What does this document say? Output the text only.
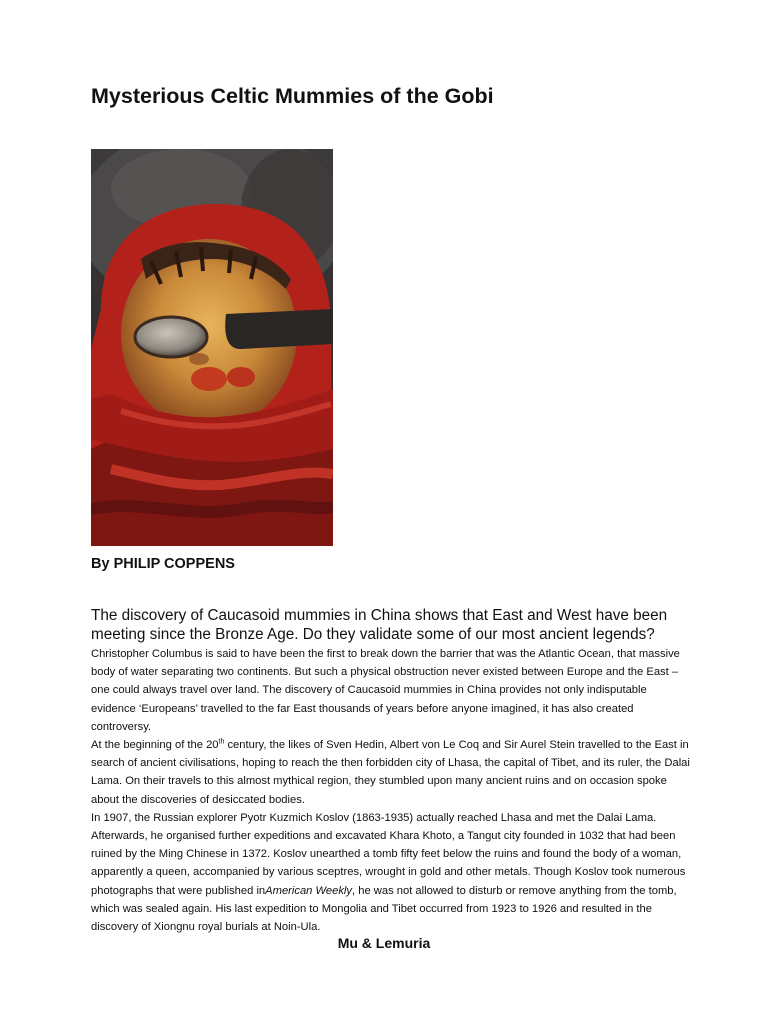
Mysterious Celtic Mummies of the Gobi
By PHILIP COPPENS

The discovery of Caucasoid mummies in China shows that East and West have been meeting since the Bronze Age. Do they validate some of our most ancient legends?

Christopher Columbus is said to have been the first to break down the barrier that was the Atlantic Ocean, that massive body of water separating two continents. But such a physical obstruction never existed between Europe and the East – one could always travel over land. The discovery of Caucasoid mummies in China provides not only indisputable evidence ‘Europeans’ travelled to the far East thousands of years before anyone imagined, it has also created controversy.

At the beginning of the 20th century, the likes of Sven Hedin, Albert von Le Coq and Sir Aurel Stein travelled to the East in search of ancient civilisations, hoping to reach the then forbidden city of Lhasa, the capital of Tibet, and its ruler, the Dalai Lama. On their travels to this almost mythical region, they stumbled upon many ancient ruins and on occasion spoke about the discoveries of desiccated bodies.

In 1907, the Russian explorer Pyotr Kuzmich Koslov (1863-1935) actually reached Lhasa and met the Dalai Lama. Afterwards, he organised further expeditions and excavated Khara Khoto, a Tangut city founded in 1032 that had been ruined by the Ming Chinese in 1372. Koslov unearthed a tomb fifty feet below the ruins and found the body of a woman, apparently a queen, accompanied by various sceptres, wrought in gold and other metals. Though Koslov took numerous photographs that were published inAmerican Weekly, he was not allowed to disturb or remove anything from the tomb, which was sealed again. His last expedition to Mongolia and Tibet occurred from 1923 to 1926 and resulted in the discovery of Xiongnu royal burials at Noin-Ula.

Mu & Lemuria
